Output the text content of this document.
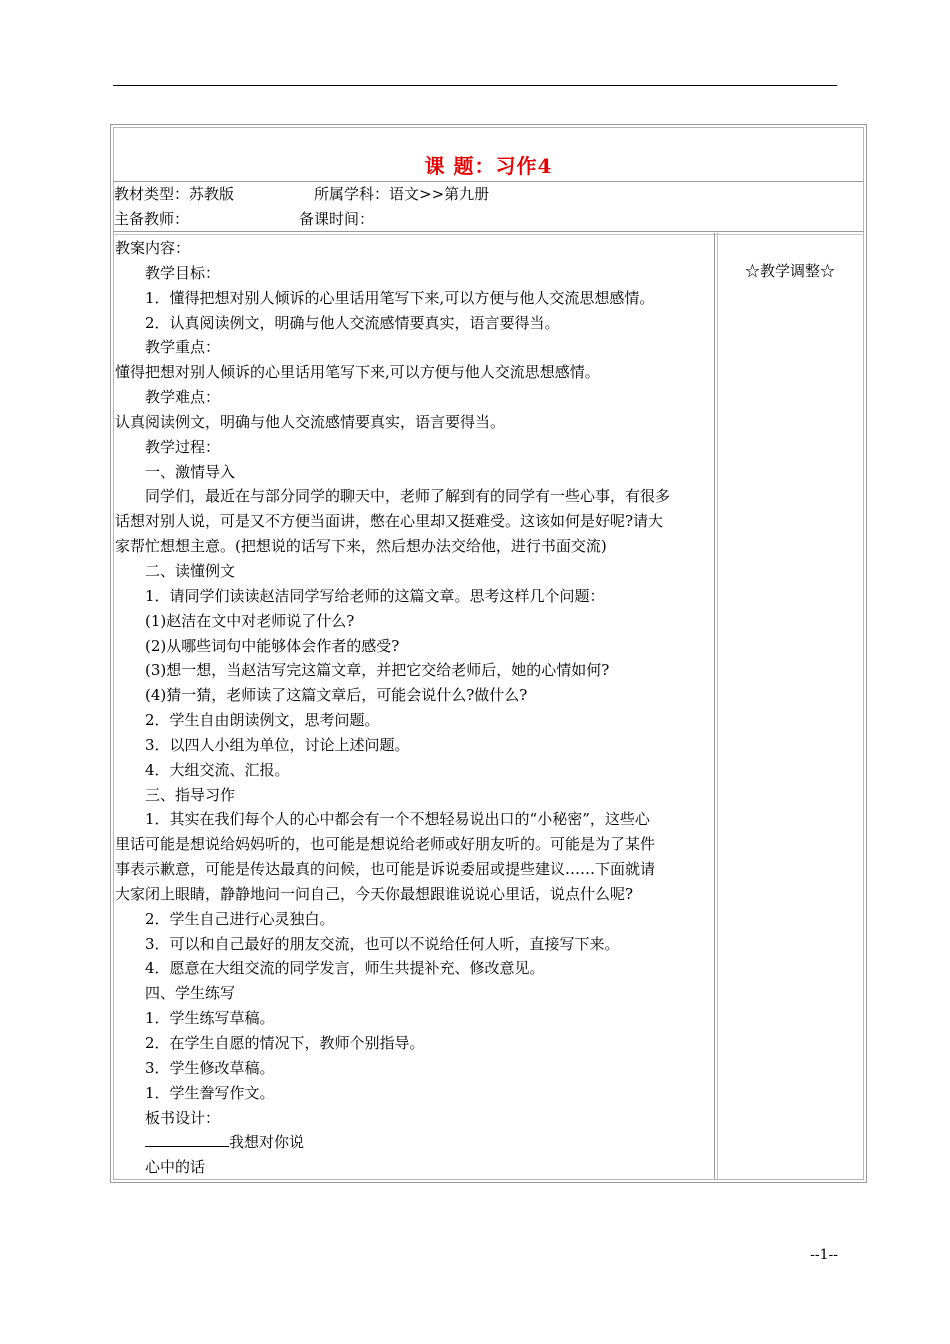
课 题：习作4
教材类型：苏教版	所属学科：语文>>第九册
主备教师：	备课时间：
教案内容：
教学目标：
1．懂得把想对别人倾诉的心里话用笔写下来,可以方便与他人交流思想感情。
2．认真阅读例文，明确与他人交流感情要真实，语言要得当。
教学重点：
懂得把想对别人倾诉的心里话用笔写下来,可以方便与他人交流思想感情。
教学难点：
认真阅读例文，明确与他人交流感情要真实，语言要得当。
教学过程：
一、激情导入
同学们，最近在与部分同学的聊天中，老师了解到有的同学有一些心事，有很多
话想对别人说，可是又不方便当面讲，憋在心里却又挺难受。这该如何是好呢?请大
家帮忙想想主意。(把想说的话写下来，然后想办法交给他，进行书面交流)
二、读懂例文
1．请同学们读读赵洁同学写给老师的这篇文章。思考这样几个问题：
(1)赵洁在文中对老师说了什么?
(2)从哪些词句中能够体会作者的感受?
(3)想一想，当赵洁写完这篇文章，并把它交给老师后，她的心情如何?
(4)猜一猜，老师读了这篇文章后，可能会说什么?做什么?
2．学生自由朗读例文，思考问题。
3．以四人小组为单位，讨论上述问题。
4．大组交流、汇报。
三、指导习作
1．其实在我们每个人的心中都会有一个不想轻易说出口的“小秘密”，这些心
里话可能是想说给妈妈听的，也可能是想说给老师或好朋友听的。可能是为了某件
事表示歉意，可能是传达最真的问候，也可能是诉说委屈或提些建议……下面就请
大家闭上眼睛，静静地问一问自己，今天你最想跟谁说说心里话，说点什么呢?
2．学生自己进行心灵独白。
3．可以和自己最好的朋友交流，也可以不说给任何人听，直接写下来。
4．愿意在大组交流的同学发言，师生共提补充、修改意见。
四、学生练写
1．学生练写草稿。
2．在学生自愿的情况下，教师个别指导。
3．学生修改草稿。
1．学生誊写作文。
板书设计：
我想对你说
心中的话
☆教学调整☆
--1--
